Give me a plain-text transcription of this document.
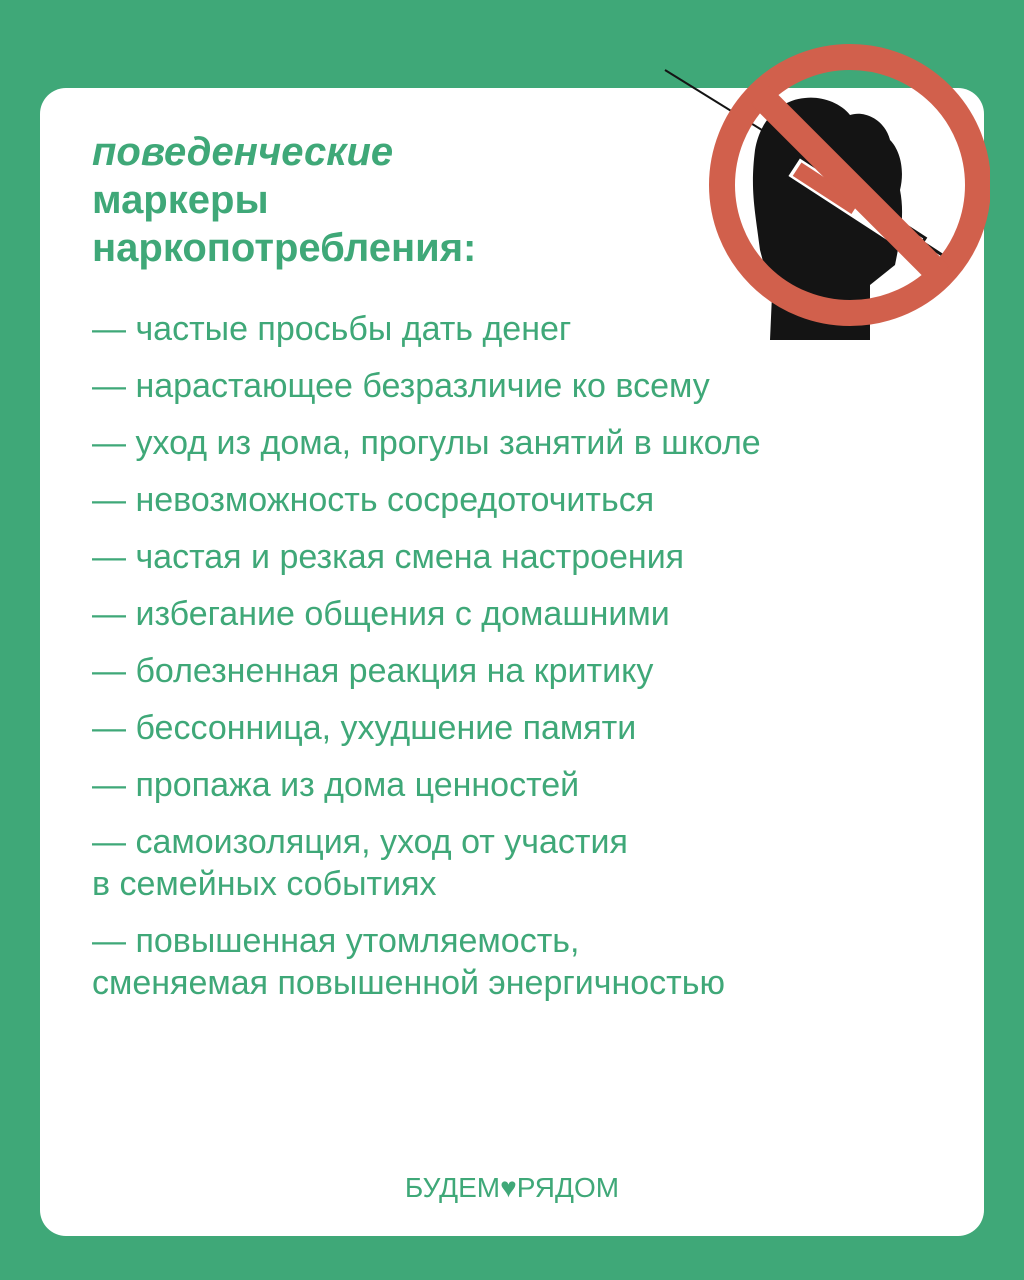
поведенческие
маркеры
наркопотребления:
— частые просьбы дать денег
— нарастающее безразличие ко всему
— уход из дома, прогулы занятий в школе
— невозможность сосредоточиться
— частая и резкая смена настроения
— избегание общения с домашними
— болезненная реакция на критику
— бессонница, ухудшение памяти
— пропажа из дома ценностей
— самоизоляция, уход от участия
в семейных событиях
— повышенная утомляемость,
сменяемая повышенной энергичностью
БУДЕМ♥РЯДОМ
